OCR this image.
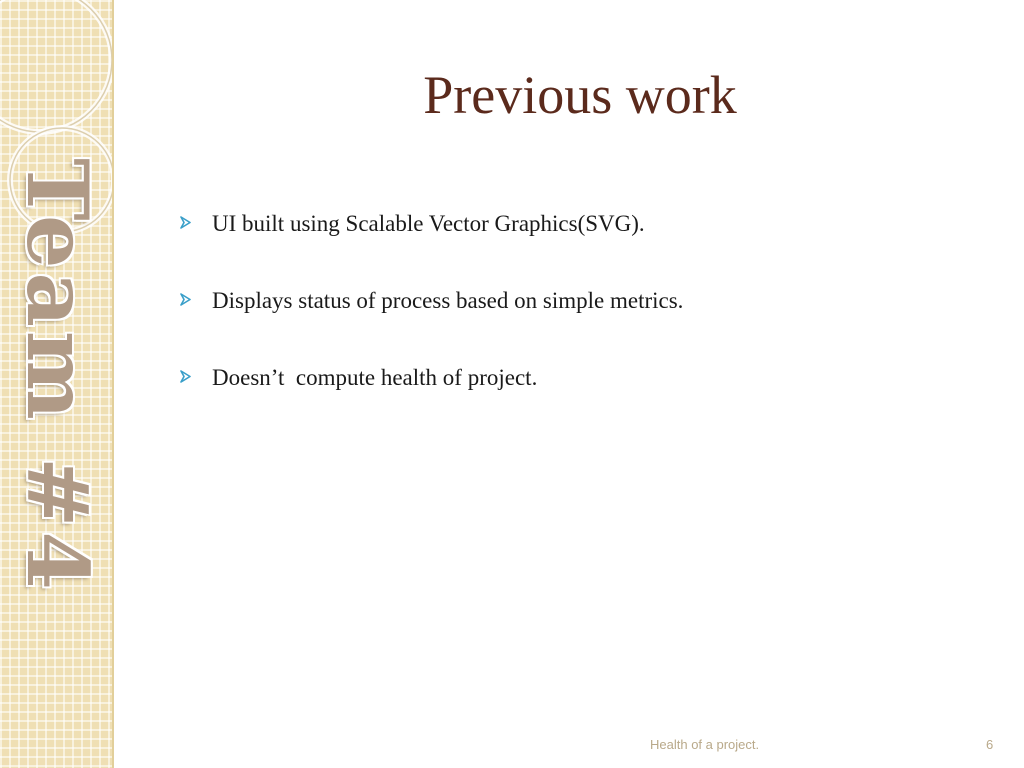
Team #4
Previous work
UI built using Scalable Vector Graphics(SVG).
Displays status of process based on simple metrics.
Doesn’t  compute health of project.
Health of a project.	6
